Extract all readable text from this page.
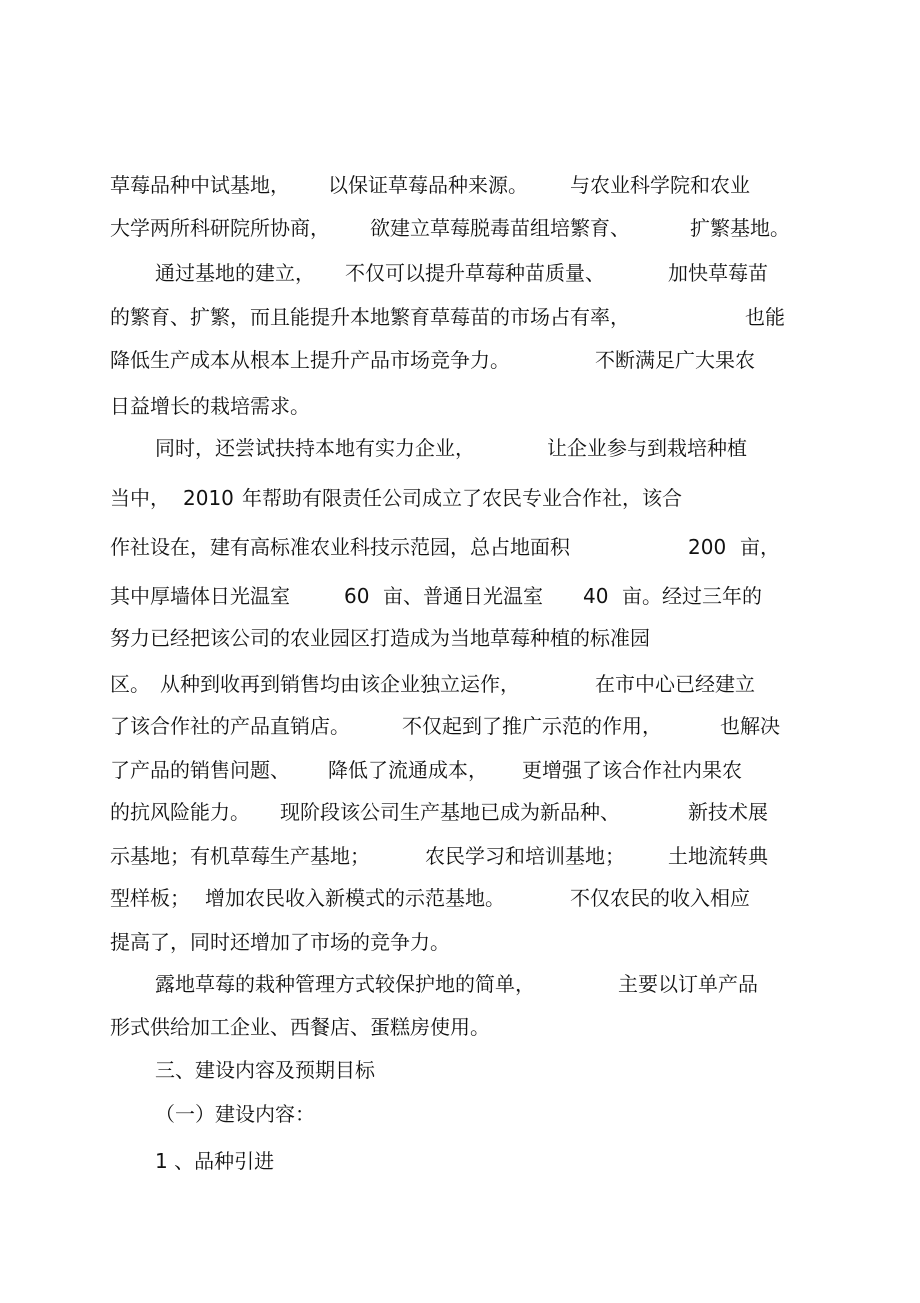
草莓品种中试基地， 以保证草莓品种来源。 与农业科学院和农业
大学两所科研院所协商， 欲建立草莓脱毒苗组培繁育、	扩繁基地。
通过基地的建立， 不仅可以提升草莓种苗质量、	加快草莓苗
的繁育、扩繁，而且能提升本地繁育草莓苗的市场占有率，	也能
降低生产成本从根本上提升产品市场竞争力。	不断满足广大果农
日益增长的栽培需求。
同时，还尝试扶持本地有实力企业，	让企业参与到栽培种植
当中， 2010 年帮助有限责任公司成立了农民专业合作社，该合
作社设在，建有高标准农业科技示范园，总占地面积	200 亩，
其中厚墙体日光温室	60 亩、普通日光温室 40 亩。经过三年的
努力已经把该公司的农业园区打造成为当地草莓种植的标准园
区。 从种到收再到销售均由该企业独立运作，	在市中心已经建立
了该合作社的产品直销店。	不仅起到了推广示范的作用，	也解决
了产品的销售问题、 降低了流通成本， 更增强了该合作社内果农
的抗风险能力。 现阶段该公司生产基地已成为新品种、	新技术展
示基地；有机草莓生产基地；	农民学习和培训基地； 土地流转典
型样板； 增加农民收入新模式的示范基地。	不仅农民的收入相应
提高了，同时还增加了市场的竞争力。
露地草莓的栽种管理方式较保护地的简单，	主要以订单产品
形式供给加工企业、西餐店、蛋糕房使用。
三、建设内容及预期目标
（一）建设内容：
1 、品种引进
